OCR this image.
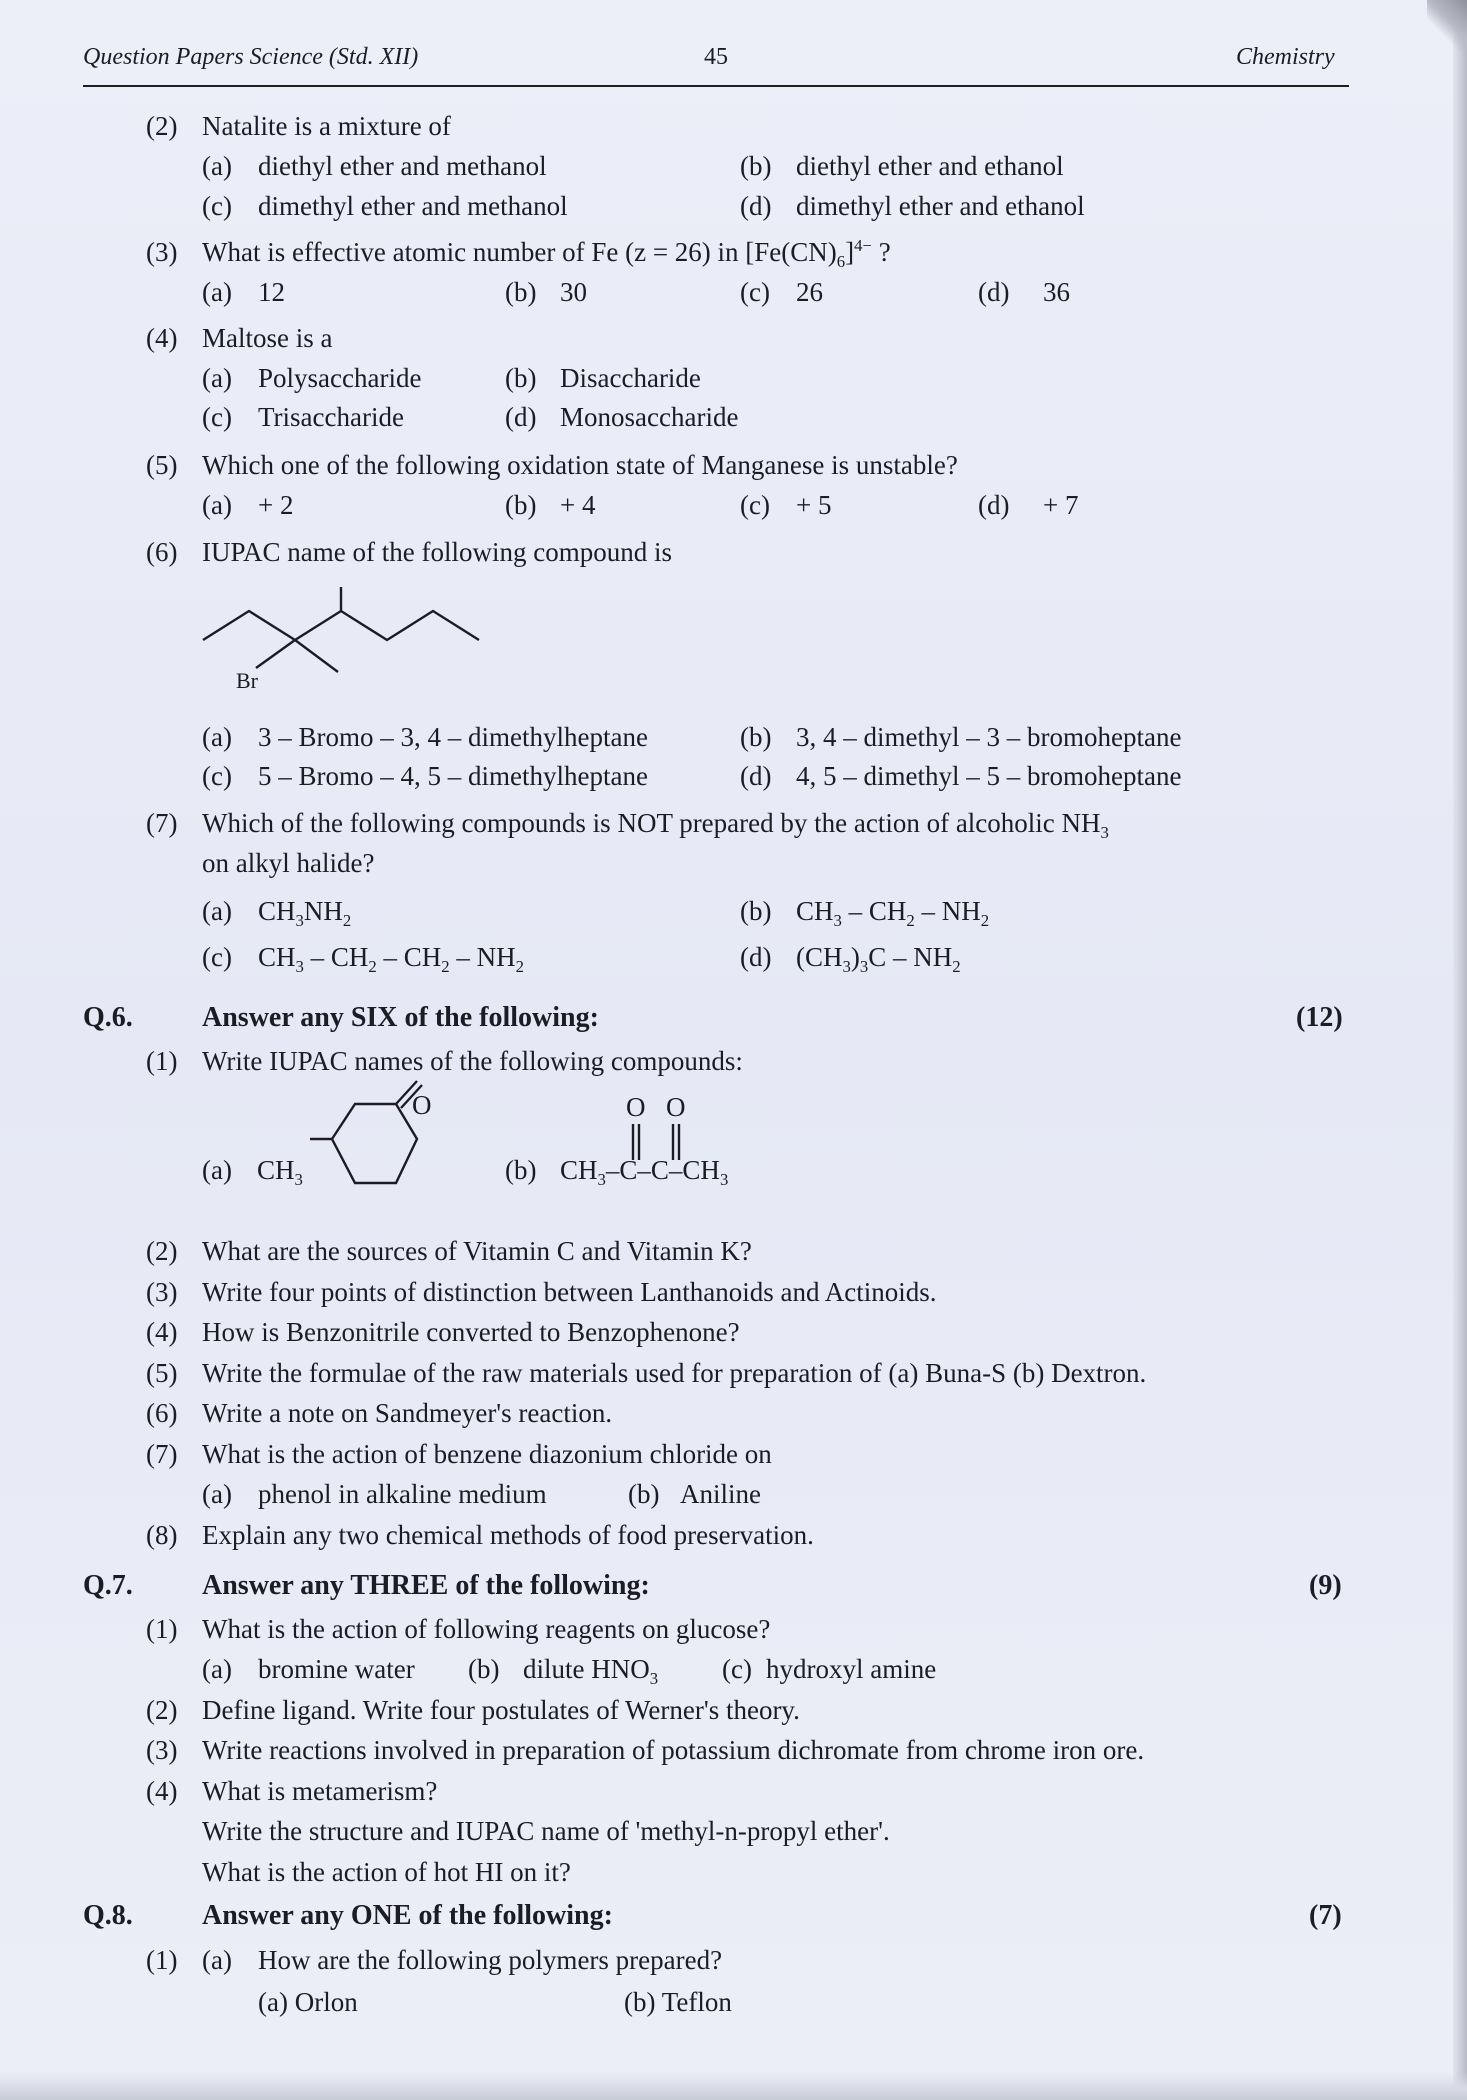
Question Papers Science (Std. XII)	45	Chemistry
(2) Natalite is a mixture of
(a) diethyl ether and methanol	(b) diethyl ether and ethanol
(c) dimethyl ether and methanol	(d) dimethyl ether and ethanol
(3) What is effective atomic number of Fe (z = 26) in $[Fe(CN)_6]^{4-}$ ?
(a) 12	(b) 30	(c) 26	(d) 36
(4) Maltose is a
(a) Polysaccharide	(b) Disaccharide
(c) Trisaccharide	(d) Monosaccharide
(5) Which one of the following oxidation state of Manganese is unstable?
(a) + 2	(b) + 4	(c) + 5	(d) + 7
(6) IUPAC name of the following compound is
Br
(a) 3 – Bromo – 3, 4 – dimethylheptane	(b) 3, 4 – dimethyl – 3 – bromoheptane
(c) 5 – Bromo – 4, 5 – dimethylheptane	(d) 4, 5 – dimethyl – 5 – bromoheptane
(7) Which of the following compounds is NOT prepared by the action of alcoholic $NH_3$
on alkyl halide?
(a) $CH_3NH_2$	(b) $CH_3 - CH_2 - NH_2$
(c) $CH_3 - CH_2 - CH_2 - NH_2$	(d) $(CH_3)_3C - NH_2$
Q.6. Answer any SIX of the following:	(12)
(1) Write IUPAC names of the following compounds:
(a) $CH_3$
O
(b)
O O
$CH_3-C-C-CH_3$
(2) What are the sources of Vitamin C and Vitamin K?
(3) Write four points of distinction between Lanthanoids and Actinoids.
(4) How is Benzonitrile converted to Benzophenone?
(5) Write the formulae of the raw materials used for preparation of (a) Buna-S (b) Dextron.
(6) Write a note on Sandmeyer's reaction.
(7) What is the action of benzene diazonium chloride on
(a) phenol in alkaline medium	(b) Aniline
(8) Explain any two chemical methods of food preservation.
Q.7. Answer any THREE of the following:	(9)
(1) What is the action of following reagents on glucose?
(a) bromine water (b) dilute $HNO_3$ (c) hydroxyl amine
(2) Define ligand. Write four postulates of Werner's theory.
(3) Write reactions involved in preparation of potassium dichromate from chrome iron ore.
(4) What is metamerism?
Write the structure and IUPAC name of 'methyl-n-propyl ether'.
What is the action of hot HI on it?
Q.8. Answer any ONE of the following:	(7)
(1) (a) How are the following polymers prepared?
(a) Orlon	(b) Teflon
